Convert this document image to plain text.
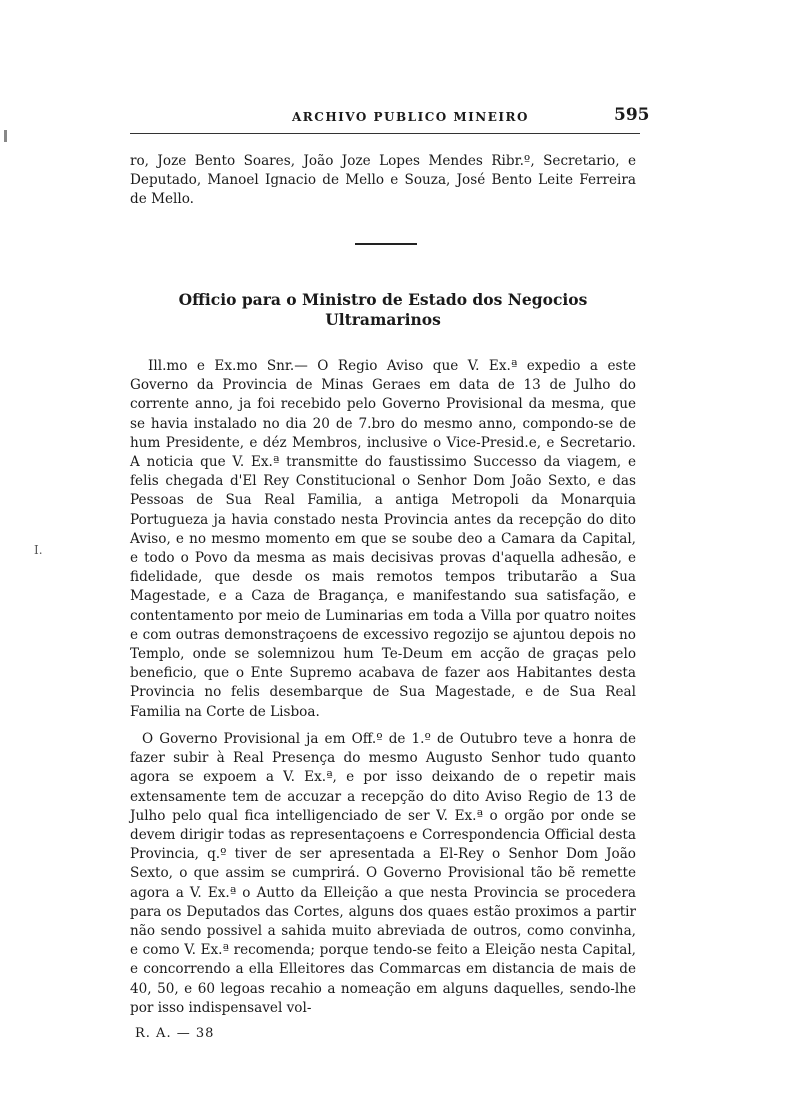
ARCHIVO PUBLICO MINEIRO	595

ro, Joze Bento Soares, João Joze Lopes Mendes Ribr.º, Secretario, e Deputado, Manoel Ignacio de Mello e Souza, José Bento Leite Ferreira de Mello.

Officio para o Ministro de Estado dos Negocios Ultramarinos

Ill.mo e Ex.mo Snr.— O Regio Aviso que V. Ex.ª expedio a este Governo da Provincia de Minas Geraes em data de 13 de Julho do corrente anno, ja foi recebido pelo Governo Provisional da mesma, que se havia instalado no dia 20 de 7.bro do mesmo anno, compondo-se de hum Presidente, e déz Membros, inclusive o Vice-Presid.e, e Secretario. A noticia que V. Ex.ª transmitte do faustissimo Successo da viagem, e felis chegada d'El Rey Constitucional o Senhor Dom João Sexto, e das Pessoas de Sua Real Familia, a antiga Metropoli da Monarquia Portugueza ja havia constado nesta Provincia antes da recepção do dito Aviso, e no mesmo momento em que se soube deo a Camara da Capital, e todo o Povo da mesma as mais decisivas provas d'aquella adhesão, e fidelidade, que desde os mais remotos tempos tributarão a Sua Magestade, e a Caza de Bragança, e manifestando sua satisfação, e contentamento por meio de Luminarias em toda a Villa por quatro noites e com outras demonstraçoens de excessivo regozijo se ajuntou depois no Templo, onde se solemnizou hum Te-Deum em acção de graças pelo beneficio, que o Ente Supremo acabava de fazer aos Habitantes desta Provincia no felis desembarque de Sua Magestade, e de Sua Real Familia na Corte de Lisboa.

I.

O Governo Provisional ja em Off.º de 1.º de Outubro teve a honra de fazer subir à Real Presença do mesmo Augusto Senhor tudo quanto agora se expoem a V. Ex.ª, e por isso deixando de o repetir mais extensamente tem de accuzar a recepção do dito Aviso Regio de 13 de Julho pelo qual fica intelligenciado de ser V. Ex.ª o orgão por onde se devem dirigir todas as representaçoens e Correspondencia Official desta Provincia, q.º tiver de ser apresentada a El-Rey o Senhor Dom João Sexto, o que assim se cumprirá. O Governo Provisional tão bẽ remette agora a V. Ex.ª o Autto da Elleição a que nesta Provincia se procedera para os Deputados das Cortes, alguns dos quaes estão proximos a partir não sendo possivel a sahida muito abreviada de outros, como convinha, e como V. Ex.ª recomenda; porque tendo-se feito a Eleição nesta Capital, e concorrendo a ella Elleitores das Commarcas em distancia de mais de 40, 50, e 60 legoas recahio a nomeação em alguns daquelles, sendo-lhe por isso indispensavel vol-

R. A. — 38
